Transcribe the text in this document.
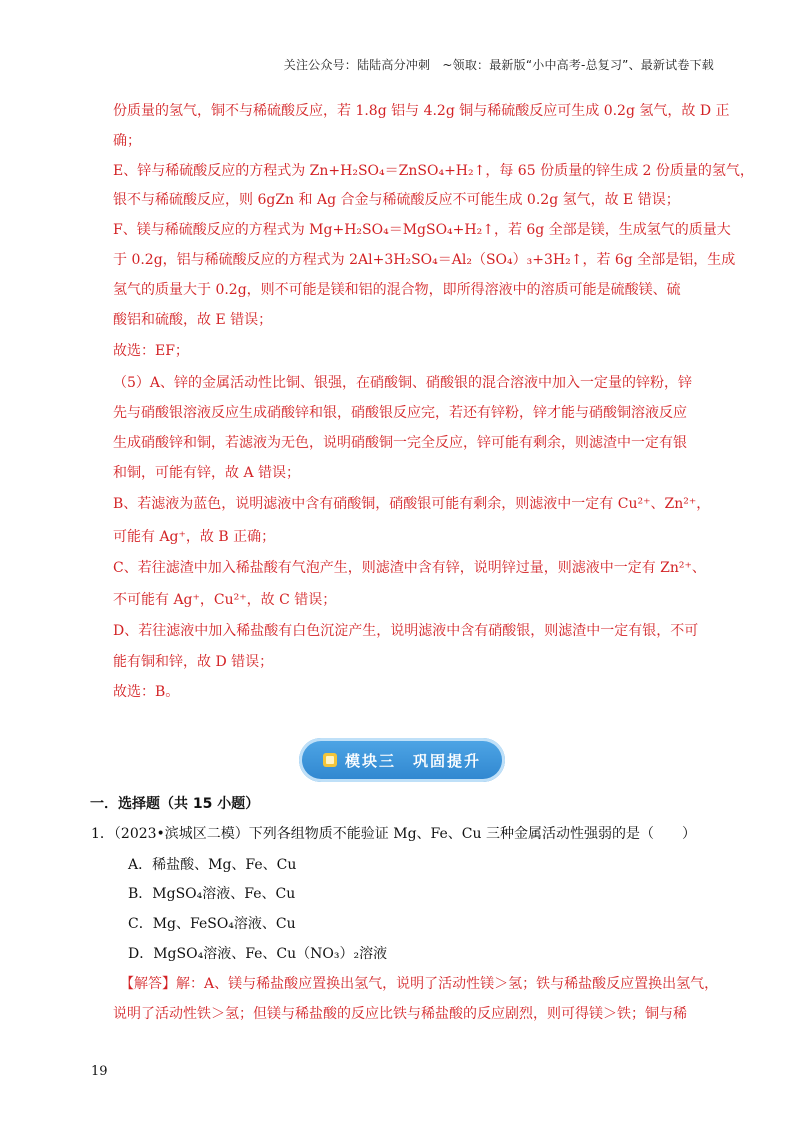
关注公众号：陆陆高分冲刺　~领取：最新版“小中高考-总复习”、最新试卷下载
份质量的氢气，铜不与稀硫酸反应，若 1.8g 铝与 4.2g 铜与稀硫酸反应可生成 0.2g 氢气，故 D 正
确；
E、锌与稀硫酸反应的方程式为 Zn+H₂SO₄＝ZnSO₄+H₂↑，每 65 份质量的锌生成 2 份质量的氢气，
银不与稀硫酸反应，则 6gZn 和 Ag 合金与稀硫酸反应不可能生成 0.2g 氢气，故 E 错误；
F、镁与稀硫酸反应的方程式为 Mg+H₂SO₄＝MgSO₄+H₂↑，若 6g 全部是镁，生成氢气的质量大
于 0.2g，铝与稀硫酸反应的方程式为 2Al+3H₂SO₄＝Al₂（SO₄）₃+3H₂↑，若 6g 全部是铝，生成
氢气的质量大于 0.2g，则不可能是镁和铝的混合物，即所得溶液中的溶质可能是硫酸镁、硫
酸铝和硫酸，故 E 错误；
故选：EF；
（5）A、锌的金属活动性比铜、银强，在硝酸铜、硝酸银的混合溶液中加入一定量的锌粉，锌
先与硝酸银溶液反应生成硝酸锌和银，硝酸银反应完，若还有锌粉，锌才能与硝酸铜溶液反应
生成硝酸锌和铜，若滤液为无色，说明硝酸铜一完全反应，锌可能有剩余，则滤渣中一定有银
和铜，可能有锌，故 A 错误；
B、若滤液为蓝色，说明滤液中含有硝酸铜，硝酸银可能有剩余，则滤液中一定有 Cu²⁺、Zn²⁺，
可能有 Ag⁺，故 B 正确；
C、若往滤渣中加入稀盐酸有气泡产生，则滤渣中含有锌，说明锌过量，则滤液中一定有 Zn²⁺、
不可能有 Ag⁺，Cu²⁺，故 C 错误；
D、若往滤液中加入稀盐酸有白色沉淀产生，说明滤液中含有硝酸银，则滤渣中一定有银，不可
能有铜和锌，故 D 错误；
故选：B。
模块三　巩固提升
一．选择题（共 15 小题）
1．（2023•滨城区二模）下列各组物质不能验证 Mg、Fe、Cu 三种金属活动性强弱的是（　　）
A．稀盐酸、Mg、Fe、Cu
B．MgSO₄溶液、Fe、Cu
C．Mg、FeSO₄溶液、Cu
D．MgSO₄溶液、Fe、Cu（NO₃）₂溶液
【解答】解：A、镁与稀盐酸应置换出氢气，说明了活动性镁＞氢；铁与稀盐酸反应置换出氢气，
说明了活动性铁＞氢；但镁与稀盐酸的反应比铁与稀盐酸的反应剧烈，则可得镁＞铁；铜与稀
19
